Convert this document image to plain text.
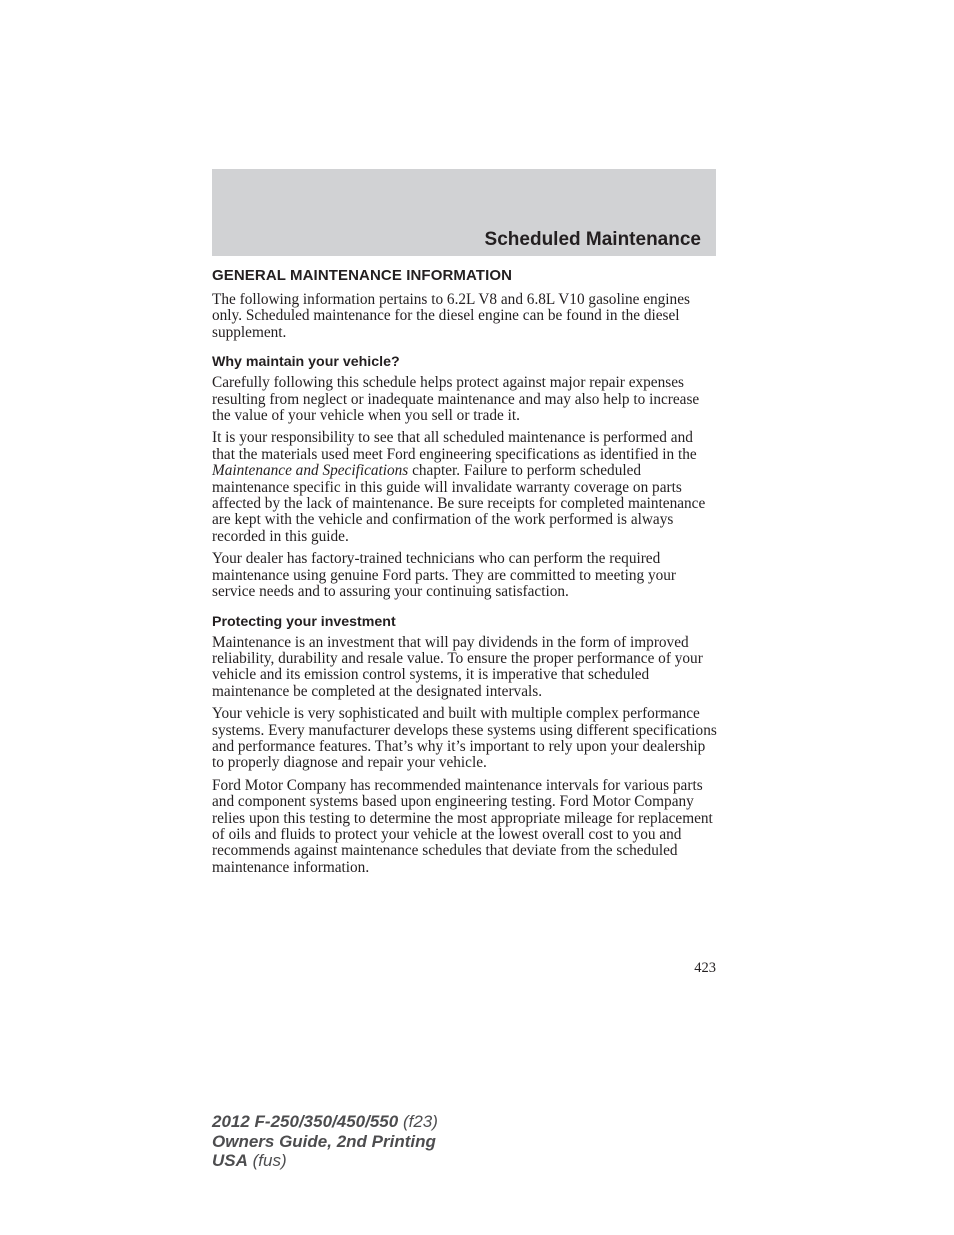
Scheduled Maintenance
GENERAL MAINTENANCE INFORMATION

The following information pertains to 6.2L V8 and 6.8L V10 gasoline engines only. Scheduled maintenance for the diesel engine can be found in the diesel supplement.

Why maintain your vehicle?

Carefully following this schedule helps protect against major repair expenses resulting from neglect or inadequate maintenance and may also help to increase the value of your vehicle when you sell or trade it.

It is your responsibility to see that all scheduled maintenance is performed and that the materials used meet Ford engineering specifications as identified in the Maintenance and Specifications chapter. Failure to perform scheduled maintenance specific in this guide will invalidate warranty coverage on parts affected by the lack of maintenance. Be sure receipts for completed maintenance are kept with the vehicle and confirmation of the work performed is always recorded in this guide.

Your dealer has factory-trained technicians who can perform the required maintenance using genuine Ford parts. They are committed to meeting your service needs and to assuring your continuing satisfaction.

Protecting your investment

Maintenance is an investment that will pay dividends in the form of improved reliability, durability and resale value. To ensure the proper performance of your vehicle and its emission control systems, it is imperative that scheduled maintenance be completed at the designated intervals.

Your vehicle is very sophisticated and built with multiple complex performance systems. Every manufacturer develops these systems using different specifications and performance features. That’s why it’s important to rely upon your dealership to properly diagnose and repair your vehicle.

Ford Motor Company has recommended maintenance intervals for various parts and component systems based upon engineering testing. Ford Motor Company relies upon this testing to determine the most appropriate mileage for replacement of oils and fluids to protect your vehicle at the lowest overall cost to you and recommends against maintenance schedules that deviate from the scheduled maintenance information.

423
2012 F-250/350/450/550 (f23)
Owners Guide, 2nd Printing
USA (fus)
